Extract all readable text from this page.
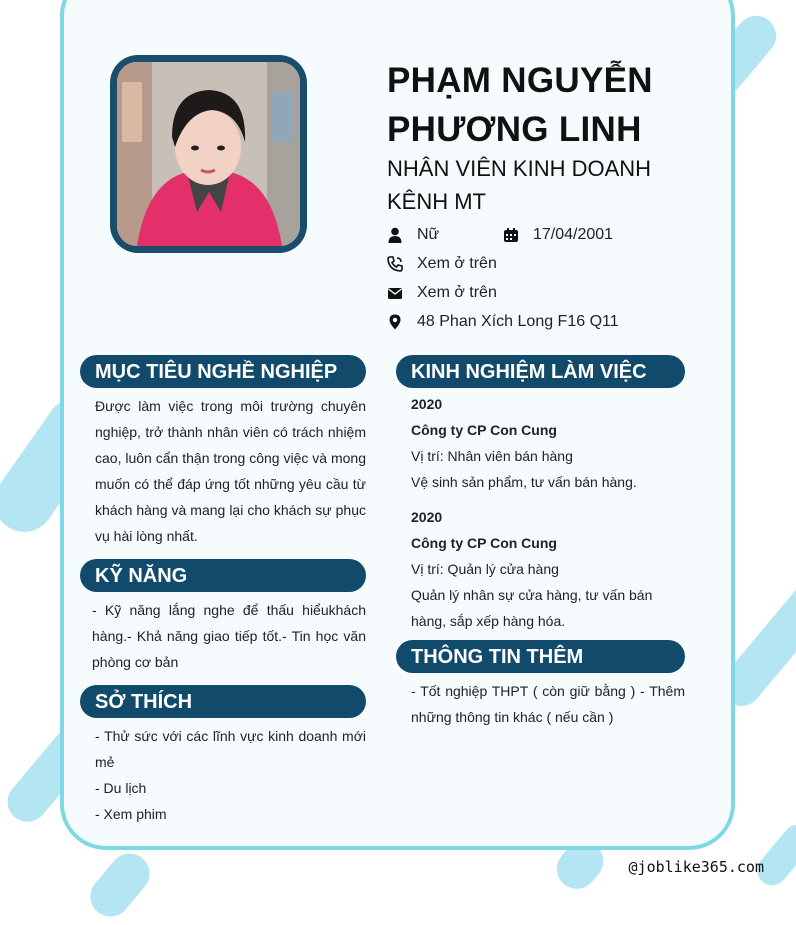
PHẠM NGUYỄN PHƯƠNG LINH
NHÂN VIÊN KINH DOANH KÊNH MT
Nữ	17/04/2001
Xem ở trên
Xem ở trên
48 Phan Xích Long F16 Q11
MỤC TIÊU NGHỀ NGHIỆP
Được làm việc trong môi trường chuyên nghiệp, trở thành nhân viên có trách nhiệm cao, luôn cẩn thận trong công việc và mong muốn có thể đáp ứng tốt những yêu cầu từ khách hàng và mang lại cho khách sự phục vụ hài lòng nhất.
KỸ NĂNG
- Kỹ năng lắng nghe để thấu hiểukhách hàng.- Khả năng giao tiếp tốt.- Tin học văn phòng cơ bản
SỞ THÍCH
- Thử sức với các lĩnh vực kinh doanh mới mẻ
- Du lịch
- Xem phim
KINH NGHIỆM LÀM VIỆC
2020
Công ty CP Con Cung
Vị trí: Nhân viên bán hàng
Vệ sinh sản phẩm, tư vấn bán hàng.
2020
Công ty CP Con Cung
Vị trí: Quản lý cửa hàng
Quản lý nhân sự cửa hàng, tư vấn bán hàng, sắp xếp hàng hóa.
THÔNG TIN THÊM
- Tốt nghiệp THPT ( còn giữ bằng ) - Thêm những thông tin khác ( nếu cần )
@joblike365.com
